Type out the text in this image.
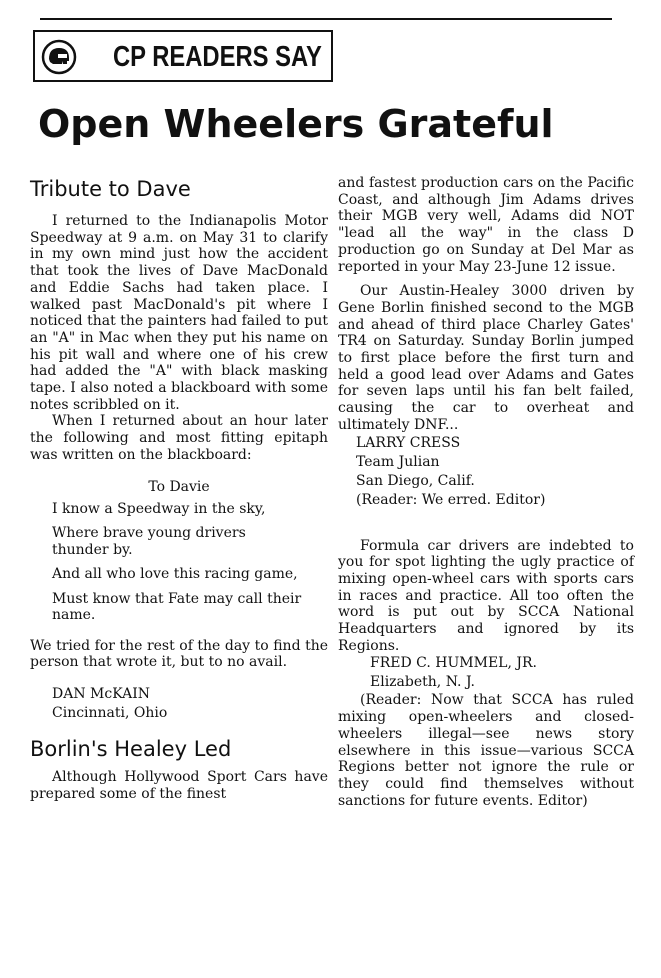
CP READERS SAY
Open Wheelers Grateful

Tribute to Dave

I returned to the Indianapolis Motor Speedway at 9 a.m. on May 31 to clarify in my own mind just how the accident that took the lives of Dave MacDonald and Eddie Sachs had taken place. I walked past MacDonald's pit where I noticed that the painters had failed to put an "A" in Mac when they put his name on his pit wall and where one of his crew had added the "A" with black masking tape. I also noted a blackboard with some notes scribbled on it.

When I returned about an hour later the following and most fitting epitaph was written on the blackboard:

To Davie

I know a Speedway in the sky,

Where brave young drivers thunder by.

And all who love this racing game,

Must know that Fate may call their name.

We tried for the rest of the day to find the person that wrote it, but to no avail.

DAN McKAIN

Cincinnati, Ohio

Borlin's Healey Led

Although Hollywood Sport Cars have prepared some of the finest

and fastest production cars on the Pacific Coast, and although Jim Adams drives their MGB very well, Adams did NOT "lead all the way" in the class D production go on Sunday at Del Mar as reported in your May 23-June 12 issue.

Our Austin-Healey 3000 driven by Gene Borlin finished second to the MGB and ahead of third place Charley Gates' TR4 on Saturday. Sunday Borlin jumped to first place before the first turn and held a good lead over Adams and Gates for seven laps until his fan belt failed, causing the car to overheat and ultimately DNF...

LARRY CRESS

Team Julian

San Diego, Calif.

(Reader: We erred. Editor)

Formula car drivers are indebted to you for spot lighting the ugly practice of mixing open-wheel cars with sports cars in races and practice. All too often the word is put out by SCCA National Headquarters and ignored by its Regions.

FRED C. HUMMEL, JR.

Elizabeth, N. J.

(Reader: Now that SCCA has ruled mixing open-wheelers and closed-wheelers illegal—see news story elsewhere in this issue—various SCCA Regions better not ignore the rule or they could find themselves without sanctions for future events. Editor)
